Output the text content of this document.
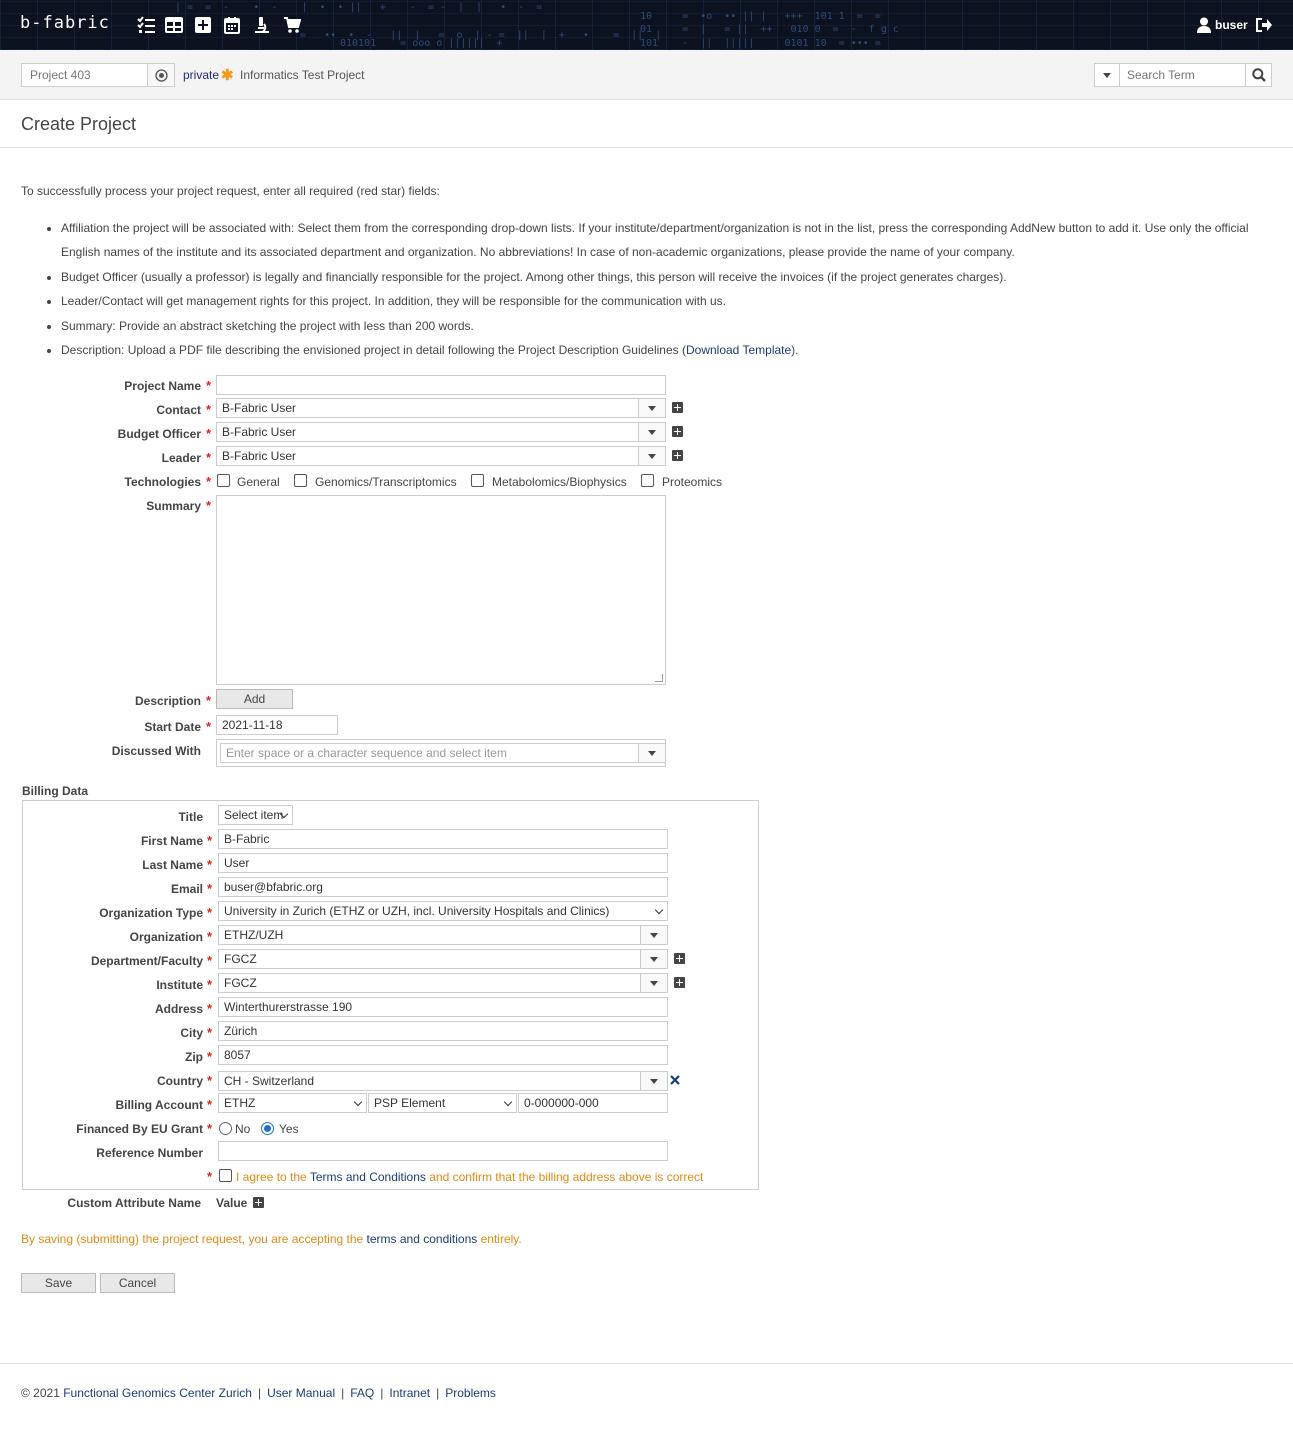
| =  =  -    •  -    |  •  • ||   +    -  = -  |  |   •  -  =
=   ••  •  -   ||  |   =  o  | - =  ||  |  +   •    =  ||  |
10     =  •o  •• || |   +++  101 1  =  =
01     =  |   = ||  ++   010 0  =  -  f g c
101    -  ||  |||||     0101 10  = ••• =
010101    = ooo o ||||||  +
b-fabric	buser
Project 403
private ✱ Informatics Test Project
Search Term
Create Project
To successfully process your project request, enter all required (red star) fields:
• Affiliation the project will be associated with: Select them from the corresponding drop-down lists. If your institute/department/organization is not in the list, press the corresponding AddNew button to add it. Use only the official English names of the institute and its associated department and organization. No abbreviations! In case of non-academic organizations, please provide the name of your company.
• Budget Officer (usually a professor) is legally and financially responsible for the project. Among other things, this person will receive the invoices (if the project generates charges).
• Leader/Contact will get management rights for this project. In addition, they will be responsible for the communication with us.
• Summary: Provide an abstract sketching the project with less than 200 words.
• Description: Upload a PDF file describing the envisioned project in detail following the Project Description Guidelines (Download Template).
Project Name *
Contact * B-Fabric User
Budget Officer * B-Fabric User
Leader * B-Fabric User
Technologies * General	Genomics/Transcriptomics	Metabolomics/Biophysics	Proteomics
Summary *
Description *	Add
Start Date * 2021-11-18
Discussed With	Enter space or a character sequence and select item
Billing Data
Title	Select item
First Name * B-Fabric
Last Name * User
Email * buser@bfabric.org
Organization Type * University in Zurich (ETHZ or UZH, incl. University Hospitals and Clinics)
Organization * ETHZ/UZH
Department/Faculty * FGCZ
Institute * FGCZ
Address * Winterthurerstrasse 190
City * Zürich
Zip * 8057
Country * CH - Switzerland
Billing Account * ETHZ	PSP Element	0-000000-000
Financed By EU Grant * No Yes
Reference Number
* I agree to the Terms and Conditions and confirm that the billing address above is correct
Custom Attribute Name Value
By saving (submitting) the project request, you are accepting the terms and conditions entirely.
Save	Cancel
© 2021 Functional Genomics Center Zurich | User Manual | FAQ | Intranet | Problems
